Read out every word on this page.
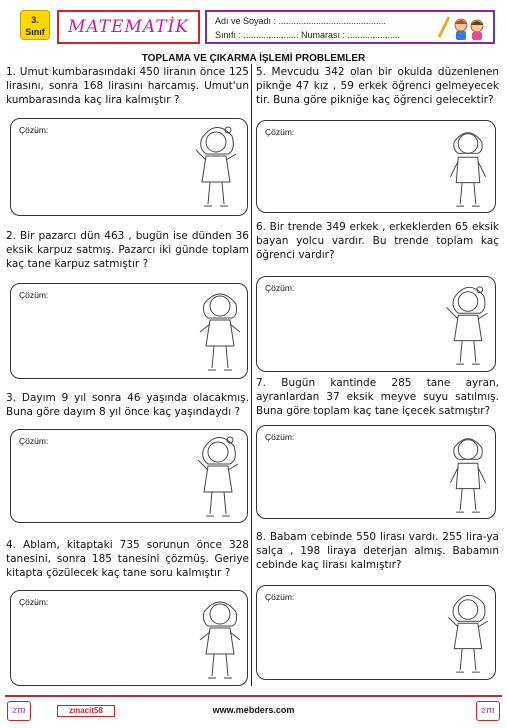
3.
Sınıf	MATEMATİK	Adı ve Soyadı : ...........................................
Sınıfı : ...................... Numarası : .....................
TOPLAMA VE ÇIKARMA İŞLEMİ PROBLEMLER
1. Umut kumbarasındaki 450 liranın önce 125 lirasını, sonra 168 lirasını harcamış. Umut'un kumbarasında kaç lira kalmıştır ?
Çözüm:
2. Bir pazarcı dün 463 , bugün ise dünden 36 eksik karpuz satmış. Pazarcı iki günde toplam kaç tane karpuz satmıştır ?
Çözüm:
3. Dayım 9 yıl sonra 46 yaşında olacakmış. Buna göre dayım 8 yıl önce kaç yaşındaydı ?
Çözüm:
4. Ablam, kitaptaki 735 sorunun önce 328 tanesini, sonra 185 tanesini çözmüş. Geriye kitapta çözülecek kaç tane soru kalmıştır ?
Çözüm:
5. Mevcudu 342 olan bir okulda düzenlenen piknğe 47 kız , 59 erkek öğrenci gelmeyecek tir. Buna göre pikniğe kaç öğrenci gelecektir?
Çözüm:
6. Bir trende 349 erkek , erkeklerden 65 eksik bayan yolcu vardır. Bu trende toplam kaç öğrenci vardır?
Çözüm:
7. Bugün kantinde 285 tane ayran, ayranlardan 37 eksik meyve suyu satılmış. Buna göre toplam kaç tane içecek satmıştır?
Çözüm:
8. Babam cebinde 550 lirası vardı. 255 lira-ya salça , 198 liraya deterjan almış. Babamın cebinde kaç lirası kalmıştır?
Çözüm:
zm	zmacit58	www.mebders.com	zm
